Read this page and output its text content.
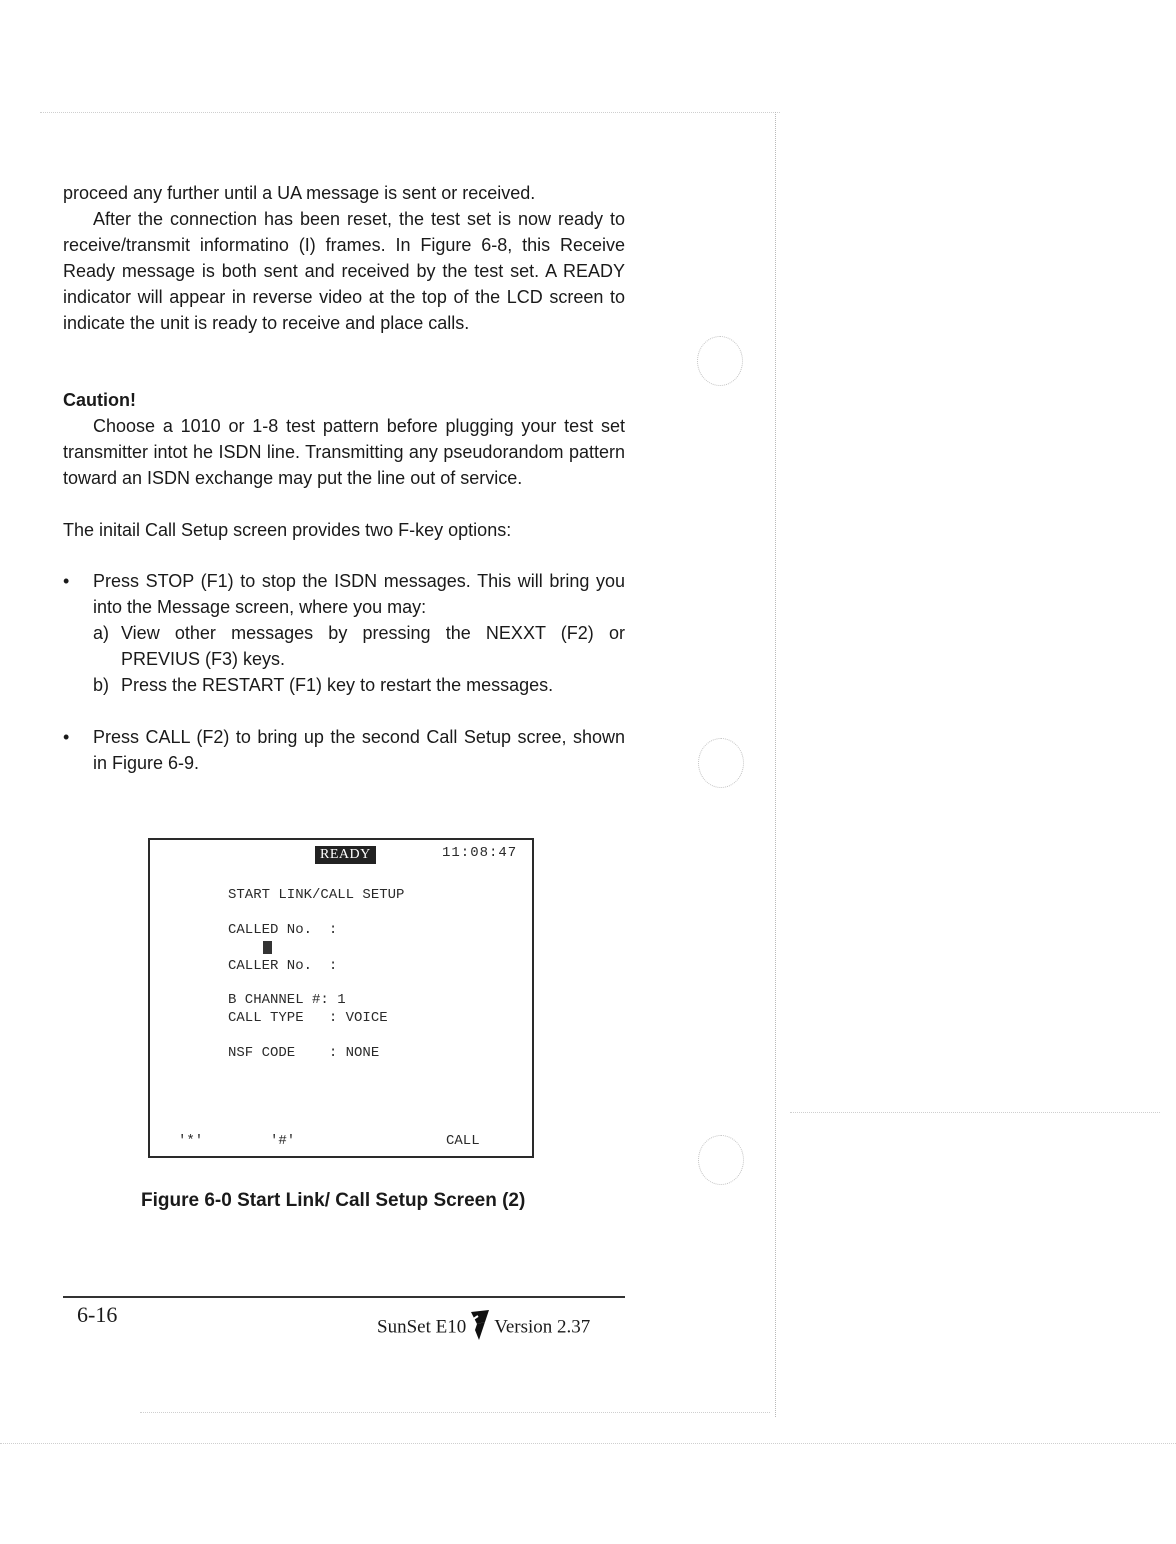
proceed any further until a UA message is sent or received.

After the connection has been reset, the test set is now ready to receive/transmit informatino (I) frames. In Figure 6-8, this Receive Ready message is both sent and received by the test set. A READY indicator will appear in reverse video at the top of the LCD screen to indicate the unit is ready to receive and place calls.

Caution!

Choose a 1010 or 1-8 test pattern before plugging your test set transmitter intot he ISDN line. Transmitting any pseudorandom pattern toward an ISDN exchange may put the line out of service.

The initail Call Setup screen provides two F-key options:

• Press STOP (F1) to stop the ISDN messages. This will bring you into the Message screen, where you may:

a) View other messages by pressing the NEXXT (F2) or PREVIUS (F3) keys.

b) Press the RESTART (F1) key to restart the messages.

• Press CALL (F2) to bring up the second Call Setup scree, shown in Figure 6-9.

READY	11:08:47
START LINK/CALL SETUP
CALLED No.  :
CALLER No.  :
B CHANNEL #: 1
CALL TYPE   : VOICE
NSF CODE    : NONE
'*'	'#'	CALL
Figure 6-0 Start Link/ Call Setup Screen (2)
6-16	SunSet E10 Version 2.37
